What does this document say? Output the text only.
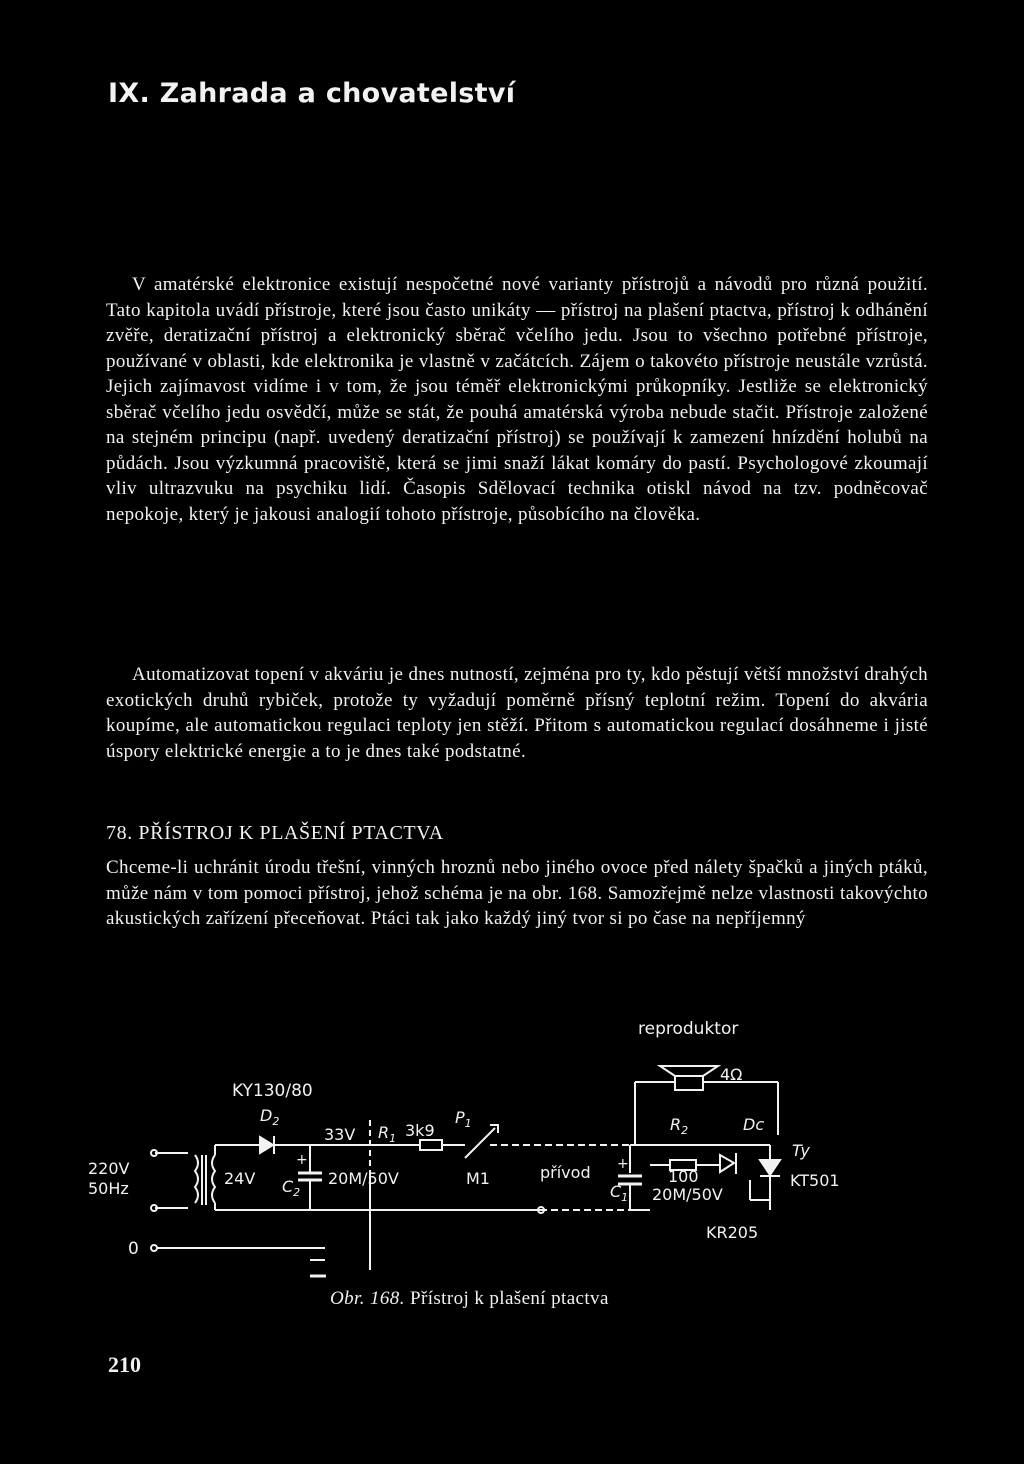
IX. Zahrada a chovatelství

V amatérské elektronice existují nespočetné nové varianty přístrojů a návodů pro různá použití. Tato kapitola uvádí přístroje, které jsou často unikáty — přístroj na plašení ptactva, přístroj k odhánění zvěře, deratizační přístroj a elektronický sběrač včelího jedu. Jsou to všechno potřebné přístroje, používané v oblasti, kde elektronika je vlastně v začátcích. Zájem o takovéto přístroje neustále vzrůstá. Jejich zajímavost vidíme i v tom, že jsou téměř elektronickými průkopníky. Jestliže se elektronický sběrač včelího jedu osvědčí, může se stát, že pouhá amatérská výroba nebude stačit. Přístroje založené na stejném principu (např. uvedený deratizační přístroj) se používají k zamezení hnízdění holubů na půdách. Jsou výzkumná pracoviště, která se jimi snaží lákat komáry do pastí. Psychologové zkoumají vliv ultrazvuku na psychiku lidí. Časopis Sdělovací technika otiskl návod na tzv. podněcovač nepokoje, který je jakousi analogií tohoto přístroje, působícího na člověka.

Automatizovat topení v akváriu je dnes nutností, zejména pro ty, kdo pěstují větší množství drahých exotických druhů rybiček, protože ty vyžadují poměrně přísný teplotní režim. Topení do akvária koupíme, ale automatickou regulaci teploty jen stěží. Přitom s automatickou regulací dosáhneme i jisté úspory elektrické energie a to je dnes také podstatné.

78. PŘÍSTROJ K PLAŠENÍ PTACTVA

Chceme-li uchránit úrodu třešní, vinných hroznů nebo jiného ovoce před nálety špačků a jiných ptáků, může nám v tom pomoci přístroj, jehož schéma je na obr. 168. Samozřejmě nelze vlastnosti takovýchto akustických zařízení přeceňovat. Ptáci tak jako každý jiný tvor si po čase na nepříjemný

reproduktor
4Ω
KY130/80
$D_2$
33V $R_1$ 3k9
$P_1$	$R_2$	Dc
Ty
220V
50Hz
24V $C_2$
+
20M/50V	M1	přívod
$C_1$
+
100
20M/50V
KT501
0
KR205

Obr. 168. Přístroj k plašení ptactva

210
